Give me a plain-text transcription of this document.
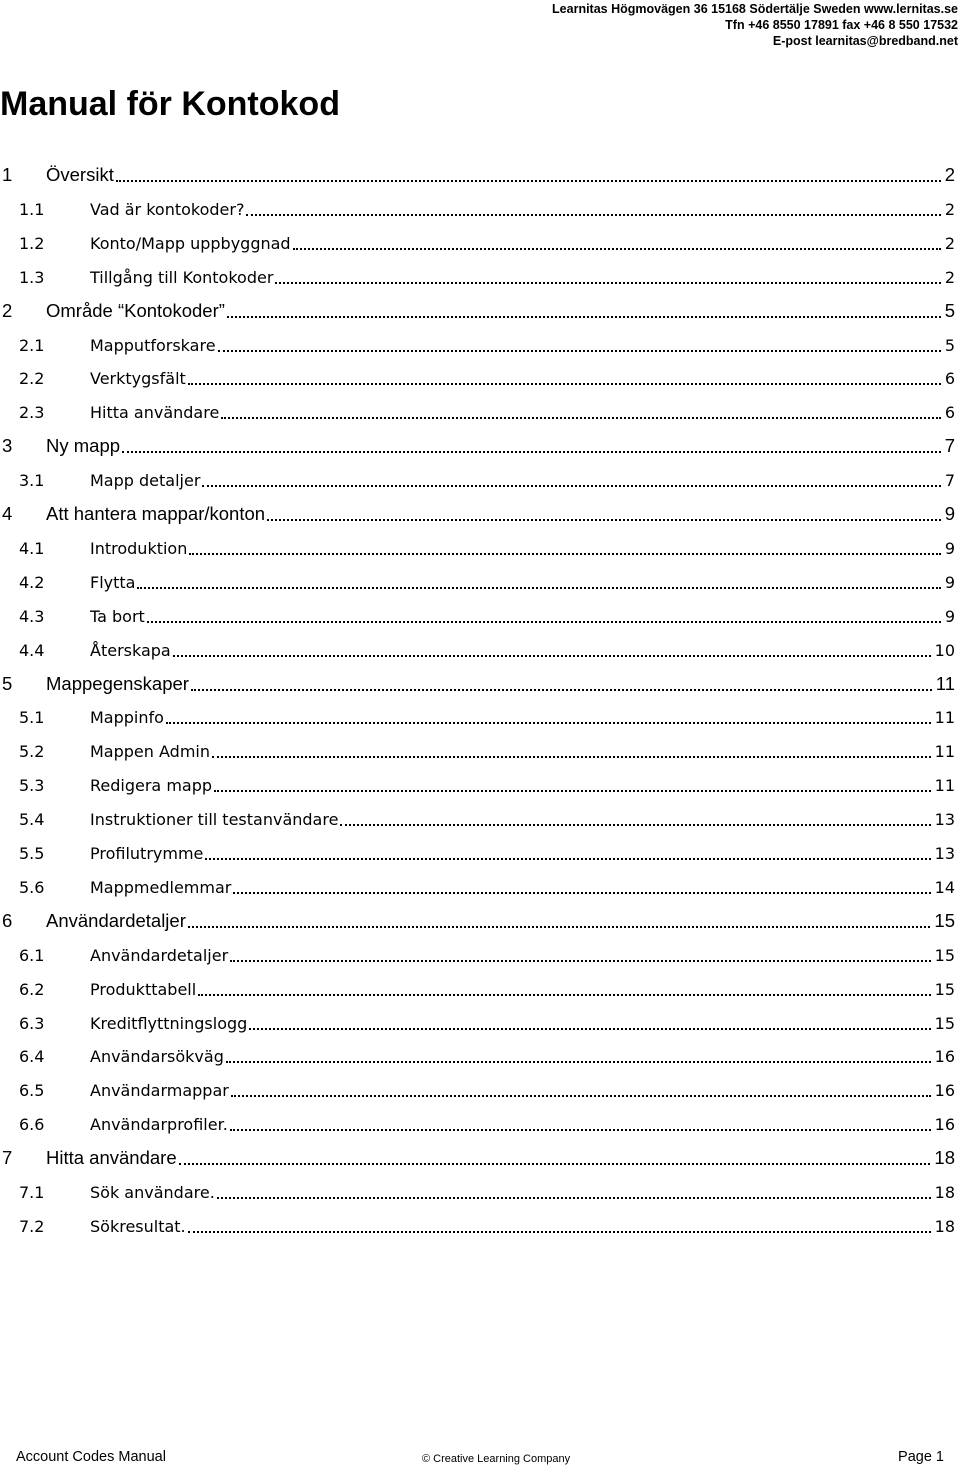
Learnitas Högmovägen 36 15168 Södertälje Sweden www.lernitas.se
Tfn +46 8550 17891 fax +46 8 550 17532
E-post learnitas@bredband.net
Manual för Kontokod
1	Översikt	2
1.1	Vad är kontokoder?	2
1.2	Konto/Mapp uppbyggnad	2
1.3	Tillgång till Kontokoder	2
2	Område “Kontokoder”	5
2.1	Mapputforskare	5
2.2	Verktygsfält	6
2.3	Hitta användare	6
3	Ny mapp	7
3.1	Mapp detaljer	7
4	Att hantera mappar/konton	9
4.1	Introduktion	9
4.2	Flytta	9
4.3	Ta bort	9
4.4	Återskapa	10
5	Mappegenskaper	11
5.1	Mappinfo	11
5.2	Mappen Admin	11
5.3	Redigera mapp	11
5.4	Instruktioner till testanvändare	13
5.5	Profilutrymme	13
5.6	Mappmedlemmar	14
6	Användardetaljer	15
6.1	Användardetaljer	15
6.2	Produkttabell	15
6.3	Kreditflyttningslogg	15
6.4	Användarsökväg	16
6.5	Användarmappar	16
6.6	Användarprofiler.	16
7	Hitta användare	18
7.1	Sök användare.	18
7.2	Sökresultat.	18
Account Codes Manual	© Creative Learning Company	Page 1
